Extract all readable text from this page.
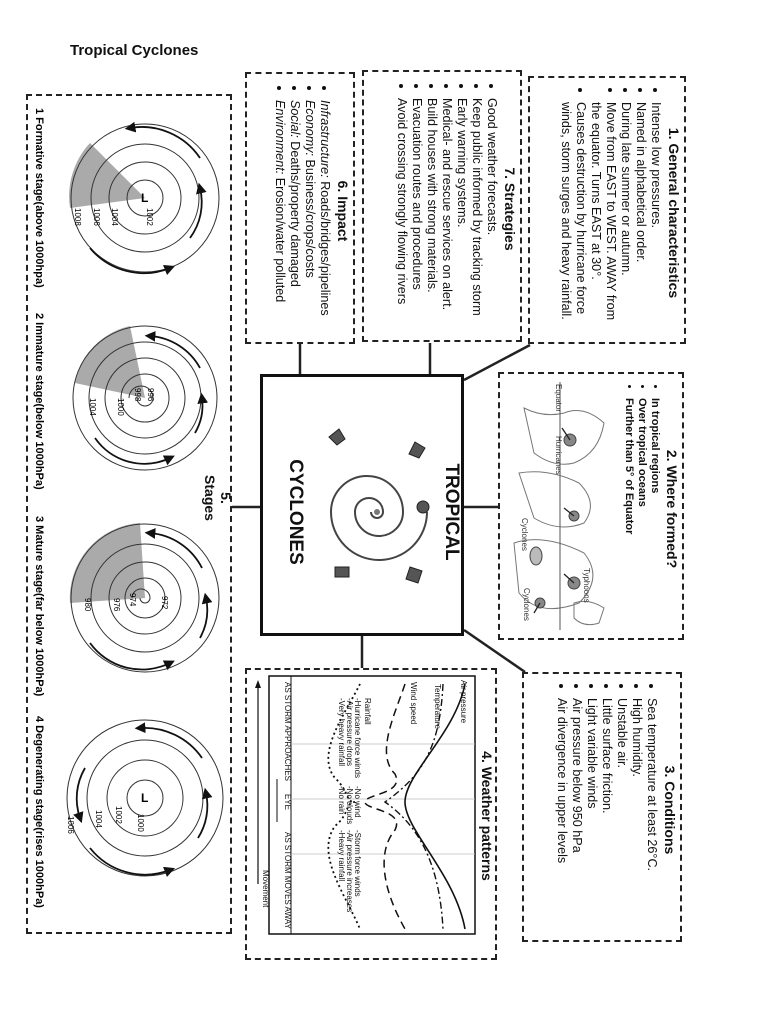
Tropical Cyclones
1. General characteristics
• Intense low pressures.
• Named in alphabetical order.
• During late summer or autumn.
• Move from EAST to WEST. AWAY from the equator. Turns EAST at 30°.
• Causes destruction by hurricane force winds, storm surges and heavy rainfall.
7. Strategies
• Good weather forecasts.
• Keep public informed by tracking storm
• Early warning systems.
• Medical- and rescue services on alert.
• Build houses with strong materials.
• Evacuation routes and procedures
• Avoid crossing strongly flowing rivers
6. Impact
• Infrastructure: Roads/bridges/pipelines
• Economy: Business/crops/costs
• Social: Deaths/property damaged
• Environment: Erosion/water polluted
2. Where formed?
• In tropical regions
• Over tropical oceans
• Further than 5° of Equator
Equator
Hurricanes
Cyclones
Typhoons
Cyclones
3. Conditions
• Sea temperature at least 26°C.
• High humidity.
• Unstable air.
• Little surface friction.
• Light variable winds
• Air pressure below 950 hPa
• Air divergence in upper levels
4. Weather patterns
Air pressure
Temperature
Wind speed
Rainfall
-Hurricane force winds
-Air pressure drops
-Very heavy rainfall
-No wind
-No clouds
-No rain
-Storm force winds
-Air pressure increases
-Heavy rainfall
AS STORM APPROACHES
EYE
AS STORM MOVES AWAY
Movement
5. Stages
L
1002
1004
1006
1008
996
998
1000
1004
972
974
976
980
L
1000
1002
1004
1006
1 Formative stage(above 1000hpa)
2 Immature stage(below 1000hPa)
3 Mature stage(far below 1000hPa)
4 Degenerating stage(rises 1000hPa)
TROPICAL
CYCLONES
